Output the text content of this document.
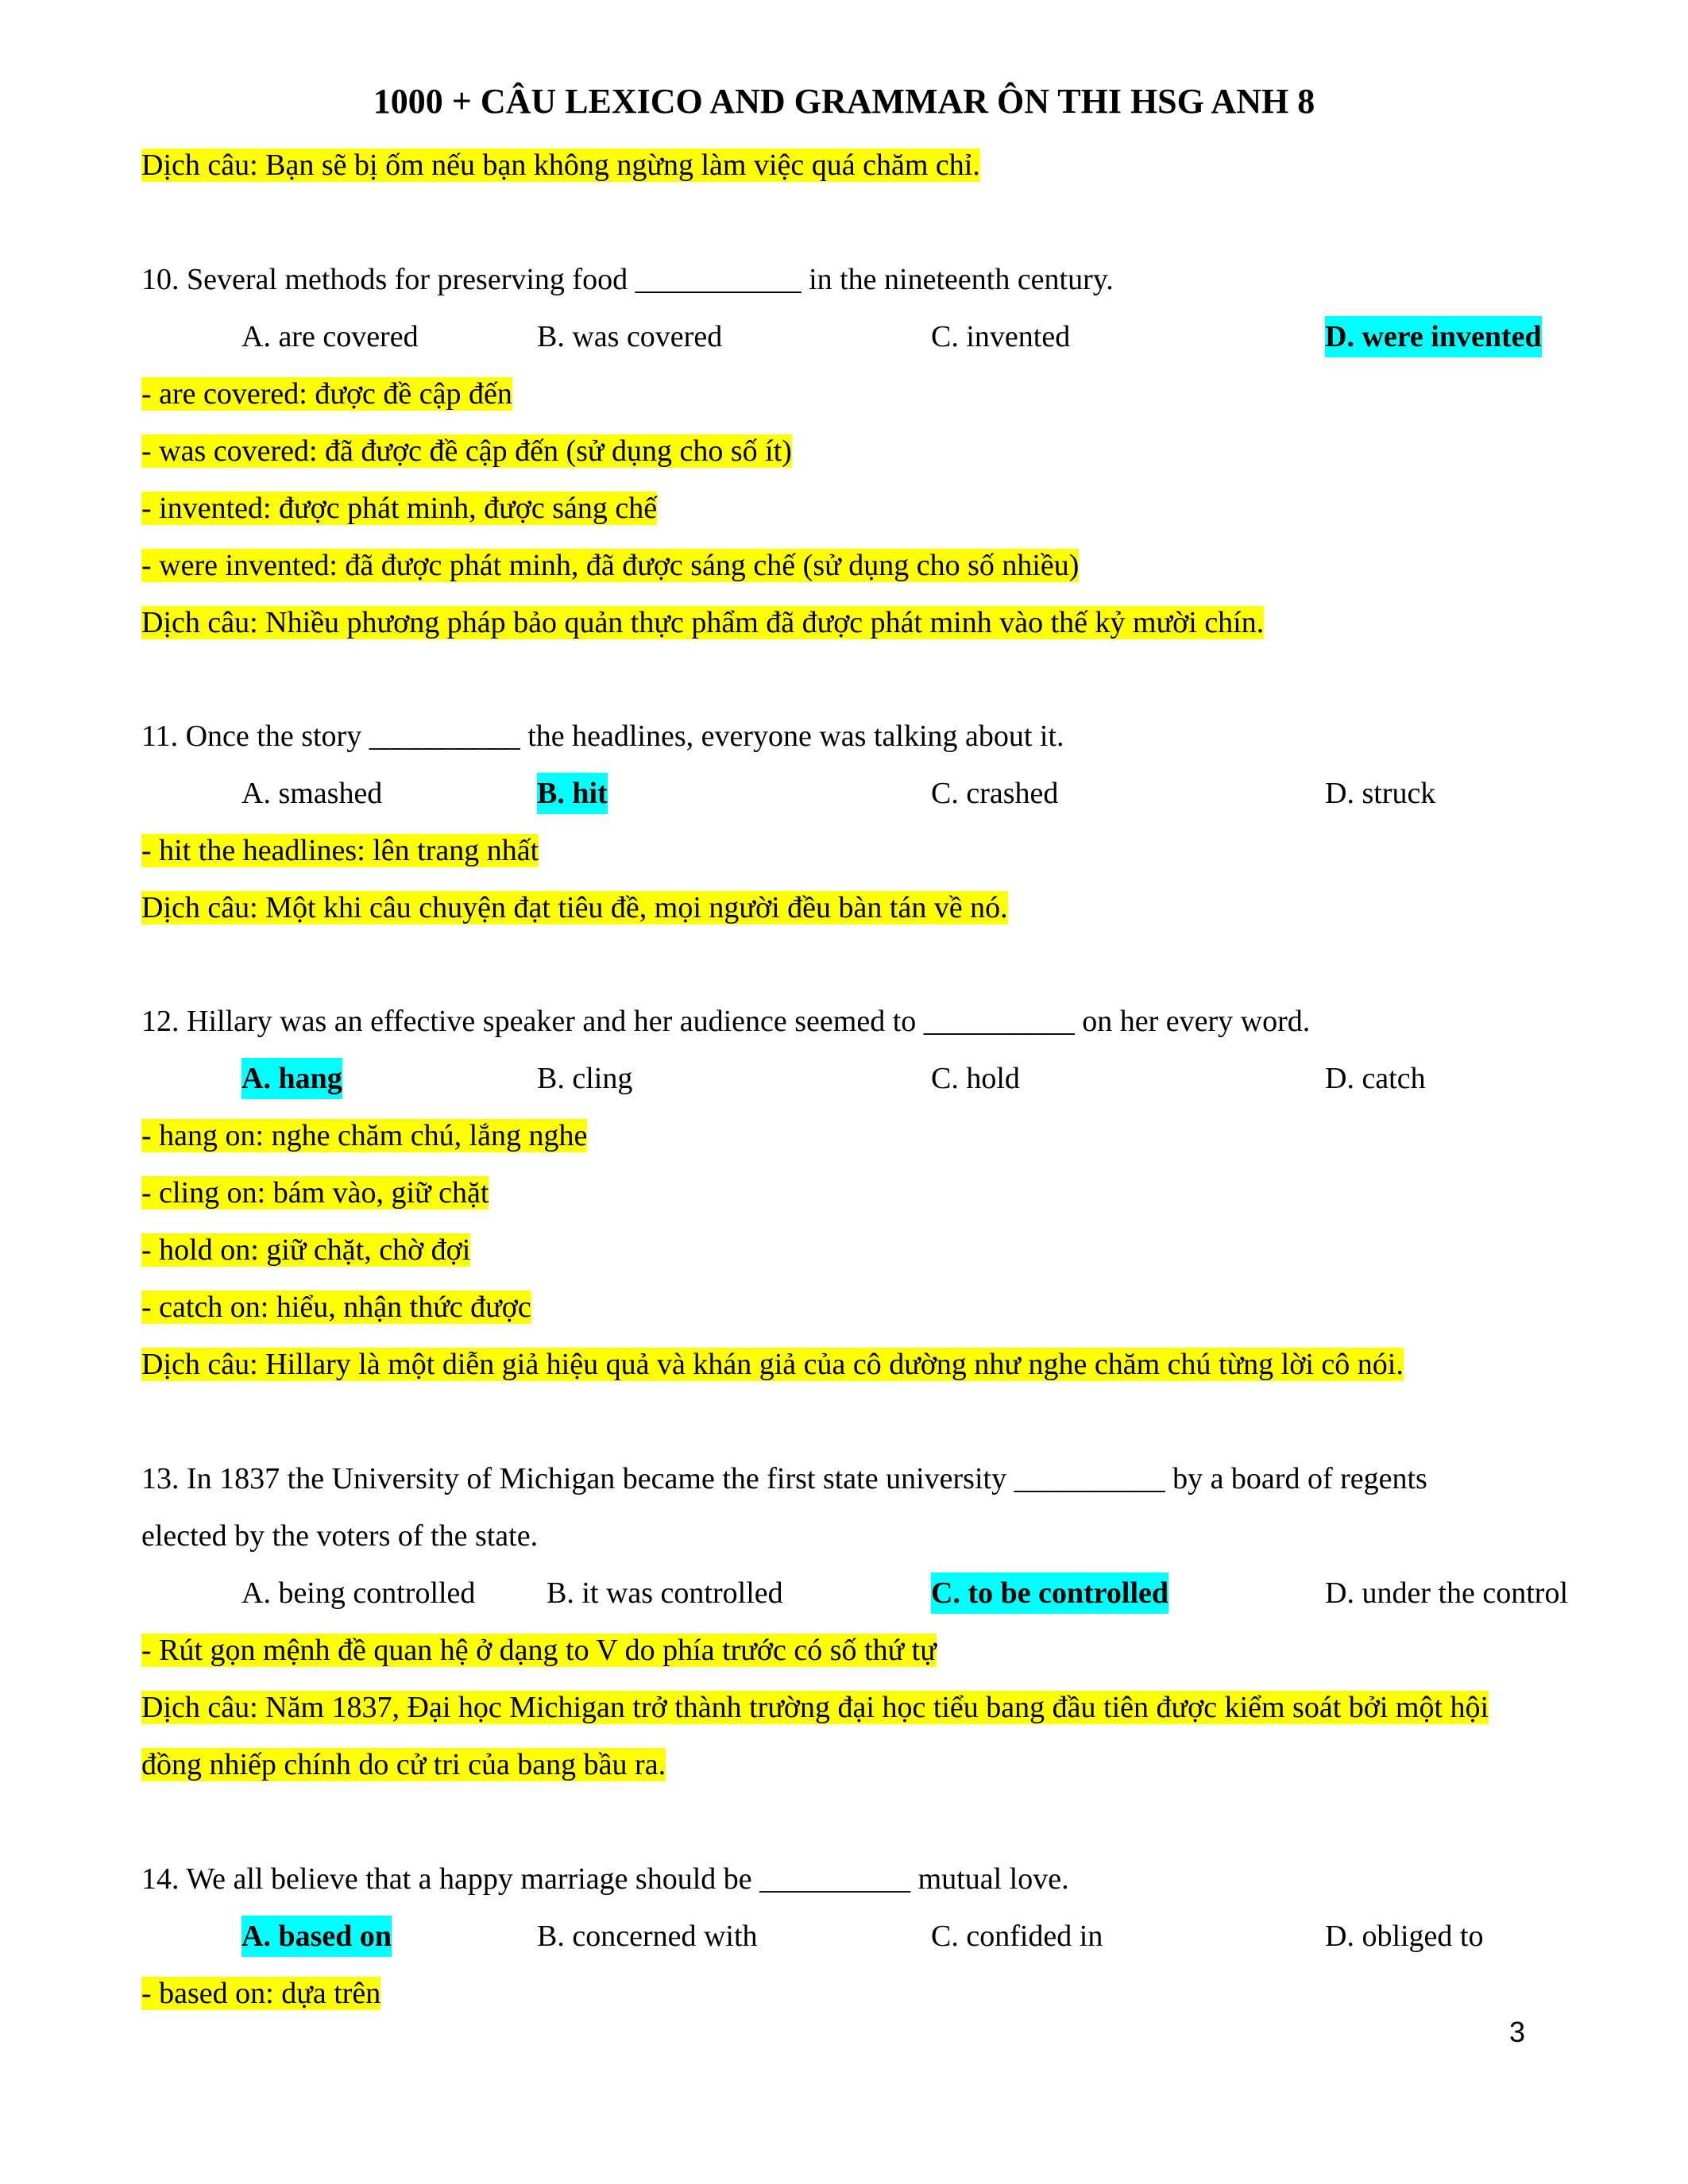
1000 + CÂU LEXICO AND GRAMMAR ÔN THI HSG ANH 8
Dịch câu: Bạn sẽ bị ốm nếu bạn không ngừng làm việc quá chăm chỉ.
10. Several methods for preserving food ___________ in the nineteenth century.
A. are covered	B. was covered	C. invented	D. were invented
- are covered: được đề cập đến
- was covered: đã được đề cập đến (sử dụng cho số ít)
- invented: được phát minh, được sáng chế
- were invented: đã được phát minh, đã được sáng chế (sử dụng cho số nhiều)
Dịch câu: Nhiều phương pháp bảo quản thực phẩm đã được phát minh vào thế kỷ mười chín.
11. Once the story __________ the headlines, everyone was talking about it.
A. smashed	B. hit	C. crashed	D. struck
- hit the headlines: lên trang nhất
Dịch câu: Một khi câu chuyện đạt tiêu đề, mọi người đều bàn tán về nó.
12. Hillary was an effective speaker and her audience seemed to __________ on her every word.
A. hang	B. cling	C. hold	D. catch
- hang on: nghe chăm chú, lắng nghe
- cling on: bám vào, giữ chặt
- hold on: giữ chặt, chờ đợi
- catch on: hiểu, nhận thức được
Dịch câu: Hillary là một diễn giả hiệu quả và khán giả của cô dường như nghe chăm chú từng lời cô nói.
13. In 1837 the University of Michigan became the first state university __________ by a board of regents
elected by the voters of the state.
A. being controlled B. it was controlled	C. to be controlled	D. under the control
- Rút gọn mệnh đề quan hệ ở dạng to V do phía trước có số thứ tự
Dịch câu: Năm 1837, Đại học Michigan trở thành trường đại học tiểu bang đầu tiên được kiểm soát bởi một hội
đồng nhiếp chính do cử tri của bang bầu ra.
14. We all believe that a happy marriage should be __________ mutual love.
A. based on	B. concerned with	C. confided in	D. obliged to
- based on: dựa trên
3
